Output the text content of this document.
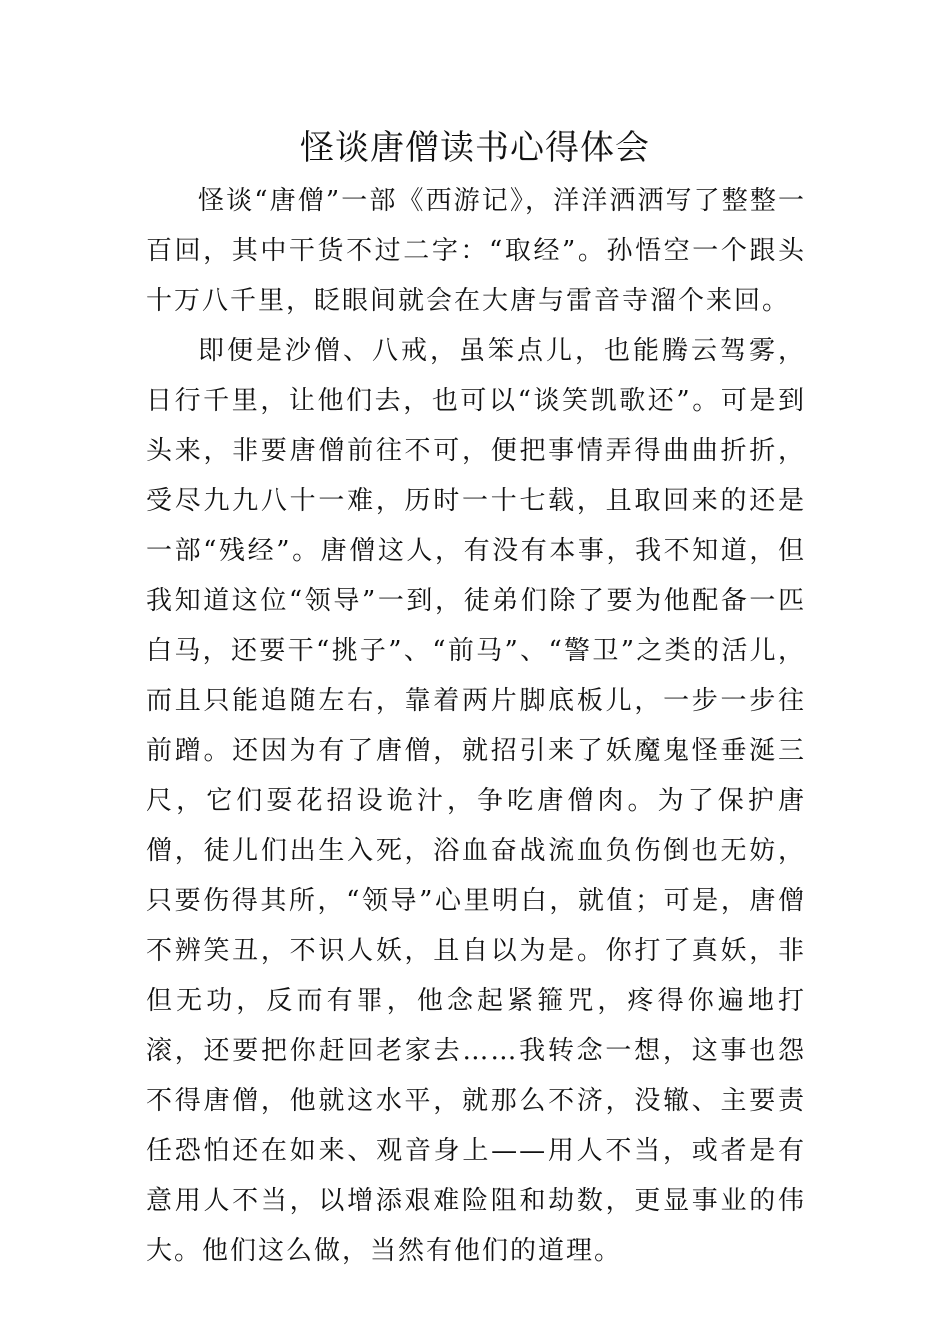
怪谈唐僧读书心得体会

怪谈“唐僧”一部《西游记》，洋洋洒洒写了整整一百回，其中干货不过二字：“取经”。孙悟空一个跟头十万八千里，眨眼间就会在大唐与雷音寺溜个来回。

即便是沙僧、八戒，虽笨点儿，也能腾云驾雾，日行千里，让他们去，也可以“谈笑凯歌还”。可是到头来，非要唐僧前往不可，便把事情弄得曲曲折折，受尽九九八十一难，历时一十七载，且取回来的还是一部“残经”。唐僧这人，有没有本事，我不知道，但我知道这位“领导”一到，徒弟们除了要为他配备一匹白马，还要干“挑子”、“前马”、“警卫”之类的活儿，而且只能追随左右，靠着两片脚底板儿，一步一步往前蹭。还因为有了唐僧，就招引来了妖魔鬼怪垂涎三尺，它们耍花招设诡汁，争吃唐僧肉。为了保护唐僧，徒儿们出生入死，浴血奋战流血负伤倒也无妨，只要伤得其所，“领导”心里明白，就值；可是，唐僧不辨笑丑，不识人妖，且自以为是。你打了真妖，非但无功，反而有罪，他念起紧箍咒，疼得你遍地打滚，还要把你赶回老家去……我转念一想，这事也怨不得唐僧，他就这水平，就那么不济，没辙、主要责任恐怕还在如来、观音身上——用人不当，或者是有意用人不当，以增添艰难险阻和劫数，更显事业的伟大。他们这么做，当然有他们的道理。
